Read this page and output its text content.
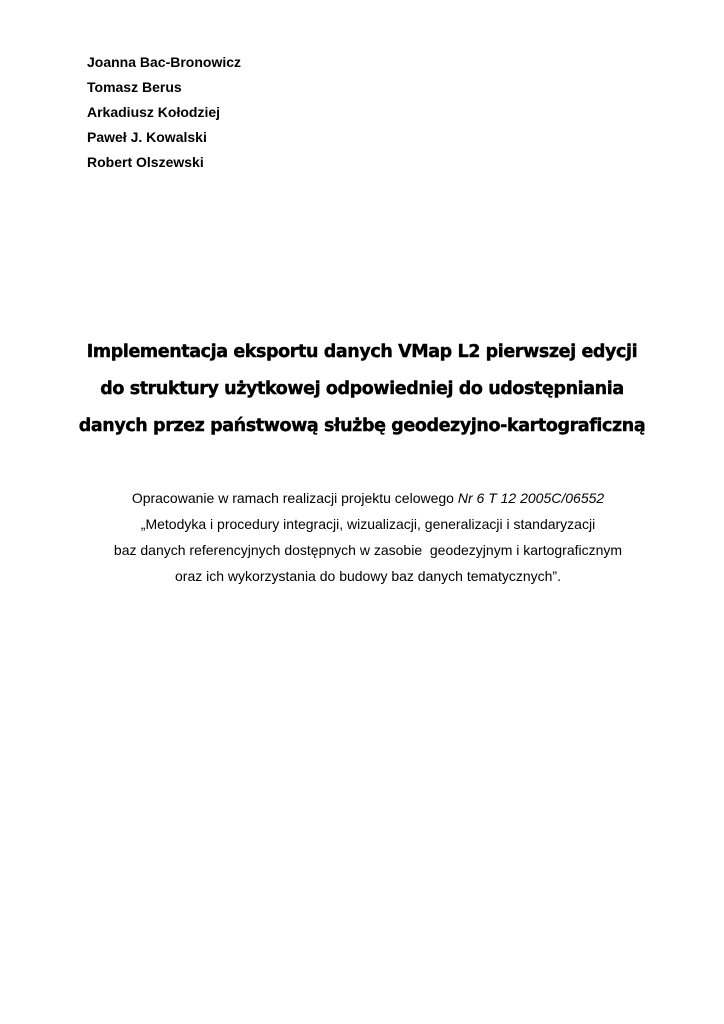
Joanna Bac-Bronowicz
Tomasz Berus
Arkadiusz Kołodziej
Paweł J. Kowalski
Robert Olszewski
Implementacja eksportu danych VMap L2 pierwszej edycji
do struktury użytkowej odpowiedniej do udostępniania
danych przez państwową służbę geodezyjno-kartograficzną
Opracowanie w ramach realizacji projektu celowego Nr 6 T 12 2005C/06552
„Metodyka i procedury integracji, wizualizacji, generalizacji i standaryzacji
baz danych referencyjnych dostępnych w zasobie  geodezyjnym i kartograficznym
oraz ich wykorzystania do budowy baz danych tematycznych”.
